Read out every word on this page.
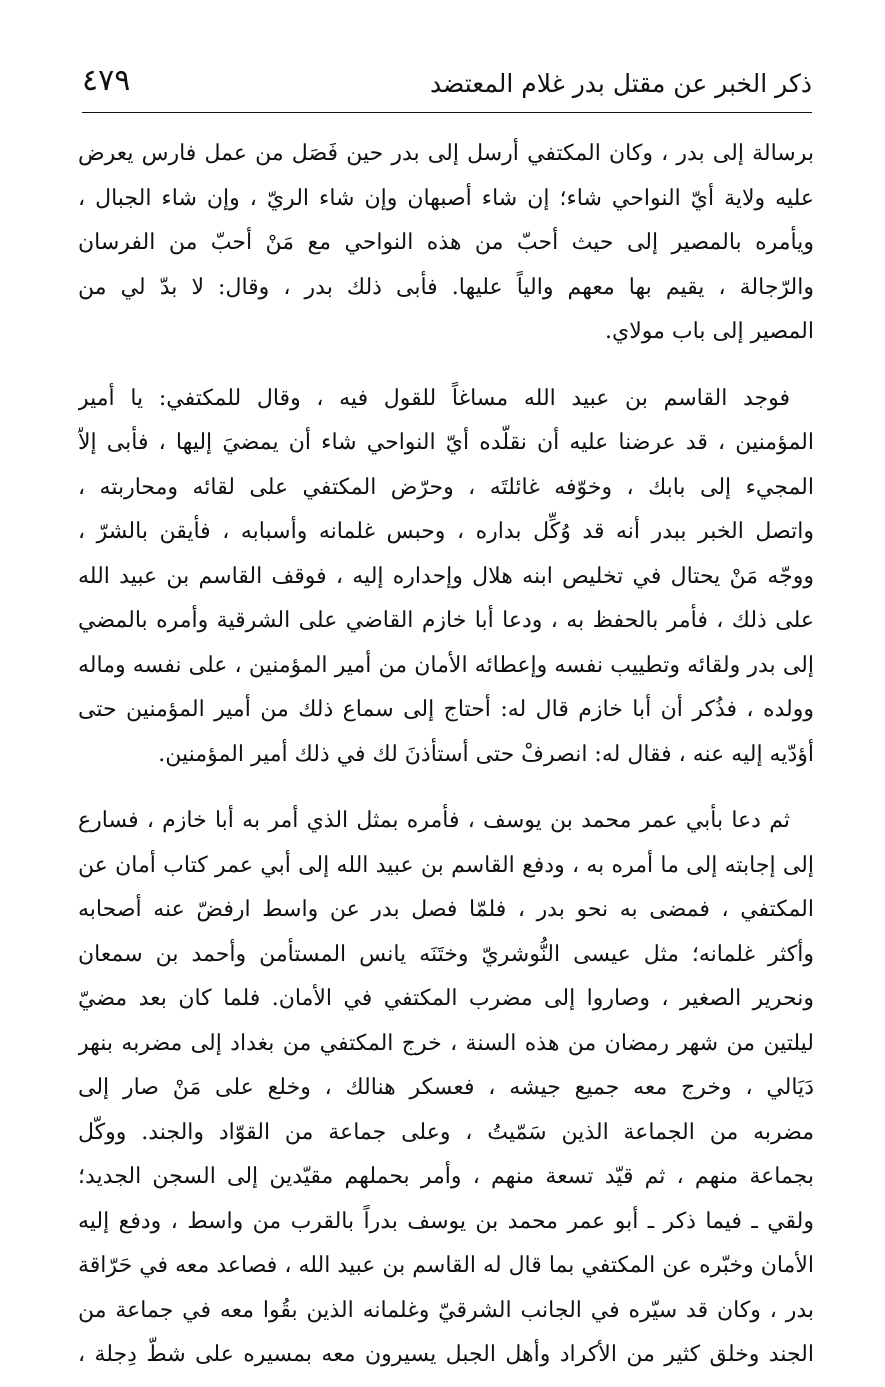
ذكر الخبر عن مقتل بدر غلام المعتضد
٤٧٩
برسالة إلى بدر ، وكان المكتفي أرسل إلى بدر حين فَصَل من عمل فارس يعرض
عليه ولاية أيّ النواحي شاء؛ إن شاء أصبهان وإن شاء الريّ ، وإن شاء الجبال ،
ويأمره بالمصير إلى حيث أحبّ من هذه النواحي مع مَنْ أحبّ من الفرسان
والرّجالة ، يقيم بها معهم والياً عليها. فأبى ذلك بدر ، وقال: لا بدّ لي من
المصير إلى باب مولاي.
فوجد القاسم بن عبيد الله مساغاً للقول فيه ، وقال للمكتفي: يا أمير
المؤمنين ، قد عرضنا عليه أن نقلّده أيّ النواحي شاء أن يمضيَ إليها ، فأبى إلاّ
المجيء إلى بابك ، وخوّفه غائلتَه ، وحرّض المكتفي على لقائه ومحاربته ،
واتصل الخبر ببدر أنه قد وُكِّل بداره ، وحبس غلمانه وأسبابه ، فأيقن بالشرّ ،
ووجّه مَنْ يحتال في تخليص ابنه هلال وإحداره إليه ، فوقف القاسم بن عبيد الله
على ذلك ، فأمر بالحفظ به ، ودعا أبا خازم القاضي على الشرقية وأمره بالمضي
إلى بدر ولقائه وتطييب نفسه وإعطائه الأمان من أمير المؤمنين ، على نفسه وماله
وولده ، فذُكر أن أبا خازم قال له: أحتاج إلى سماع ذلك من أمير المؤمنين حتى
أؤدّيه إليه عنه ، فقال له: انصرفْ حتى أستأذنَ لك في ذلك أمير المؤمنين.
ثم دعا بأبي عمر محمد بن يوسف ، فأمره بمثل الذي أمر به أبا خازم ، فسارع
إلى إجابته إلى ما أمره به ، ودفع القاسم بن عبيد الله إلى أبي عمر كتاب أمان عن
المكتفي ، فمضى به نحو بدر ، فلمّا فصل بدر عن واسط ارفضّ عنه أصحابه
وأكثر غلمانه؛ مثل عيسى النُّوشريّ وختَنَه يانس المستأمن وأحمد بن سمعان
ونحرير الصغير ، وصاروا إلى مضرب المكتفي في الأمان. فلما كان بعد مضيّ
ليلتين من شهر رمضان من هذه السنة ، خرج المكتفي من بغداد إلى مضربه بنهر
دَيَالي ، وخرج معه جميع جيشه ، فعسكر هنالك ، وخلع على مَنْ صار إلى
مضربه من الجماعة الذين سَمّيتُ ، وعلى جماعة من القوّاد والجند. ووكّل
بجماعة منهم ، ثم قيّد تسعة منهم ، وأمر بحملهم مقيّدين إلى السجن الجديد؛
ولقي ـ فيما ذكر ـ أبو عمر محمد بن يوسف بدراً بالقرب من واسط ، ودفع إليه
الأمان وخبّره عن المكتفي بما قال له القاسم بن عبيد الله ، فصاعد معه في حَرّاقة
بدر ، وكان قد سيّره في الجانب الشرقيّ وغلمانه الذين بقُوا معه في جماعة من
الجند وخلق كثير من الأكراد وأهل الجبل يسيرون معه بمسيره على شطّ دِجلة ،
